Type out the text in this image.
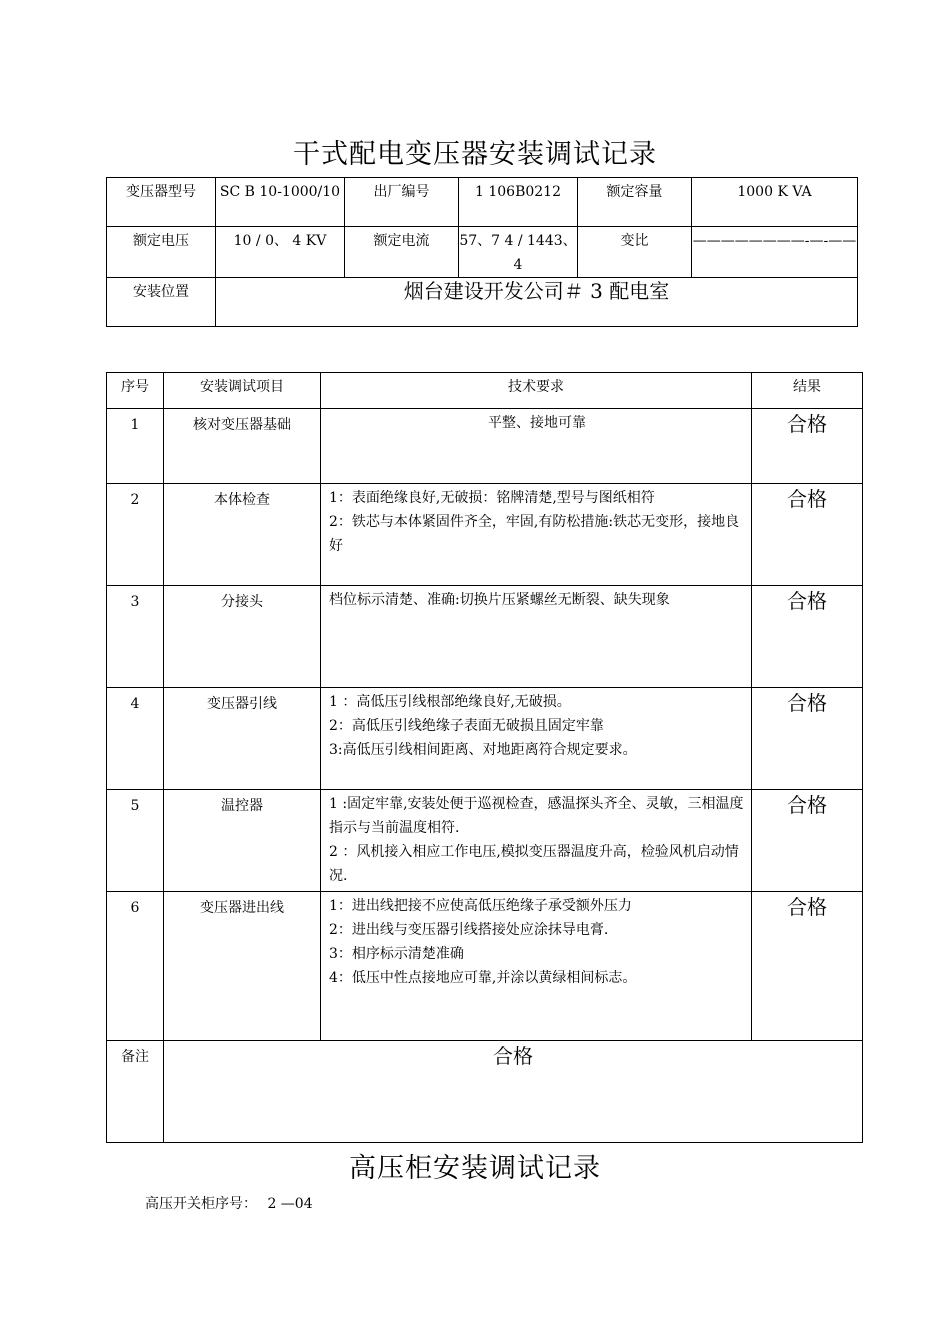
干式配电变压器安装调试记录
变压器型号	SC B 10-1000/10	出厂编号	1 106B0212	额定容量	1000 K VA
额定电压	10 / 0、 4 KV	额定电流	57、7 4 / 1443、4	变比	————————-—-——
安装位置	烟台建设开发公司＃ 3 配电室				
序号	安装调试项目	技术要求	结果
1	核对变压器基础	平整、接地可靠	合格
2	本体检查	1：表面绝缘良好,无破损：铭牌清楚,型号与图纸相符
2：铁芯与本体紧固件齐全，牢固,有防松措施:铁芯无变形，接地良好	合格
3	分接头	档位标示清楚、准确:切换片压紧螺丝无断裂、缺失现象	合格
4	变压器引线	1 ：高低压引线根部绝缘良好,无破损。
2：高低压引线绝缘子表面无破损且固定牢靠
3:高低压引线相间距离、对地距离符合规定要求。	合格
5	温控器	1 :固定牢靠,安装处便于巡视检查，感温探头齐全、灵敏，三相温度指示与当前温度相符.
2 ：风机接入相应工作电压,模拟变压器温度升高，检验风机启动情况.	合格
6	变压器进出线	1：进出线把接不应使高低压绝缘子承受额外压力
2：进出线与变压器引线搭接处应涂抹导电膏.
3：相序标示清楚准确
4：低压中性点接地应可靠,并涂以黄绿相间标志。	合格
备注	合格		
高压柜安装调试记录
高压开关柜序号： 2 —04
